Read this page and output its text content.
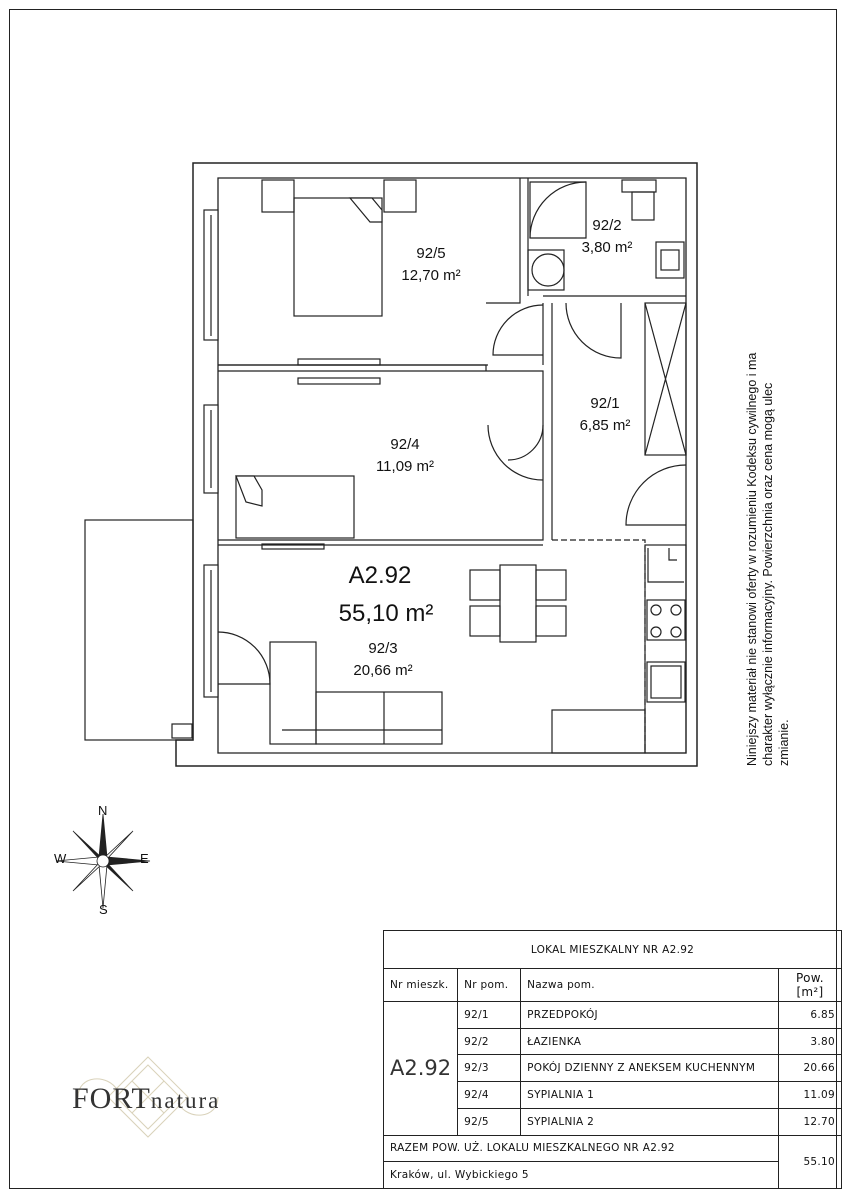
92/5
12,70 m²
92/2
3,80 m²
92/1
6,85 m²
92/4
11,09 m²
A2.92
55,10 m²
92/3
20,66 m²
N
S
W	E
Niniejszy materiał nie stanowi oferty w rozumieniu Kodeksu cywilnego i ma charakter wyłącznie informacyjny. Powierzchnia oraz cena mogą ulec zmianie.
LOKAL MIESZKALNY NR A2.92			
Nr mieszk.	Nr pom.	Nazwa pom.	Pow. [m²]
A2.92	92/1	PRZEDPOKÓJ	6.85
	92/2	ŁAZIENKA	3.80
	92/3	POKÓJ DZIENNY Z ANEKSEM KUCHENNYM	20.66
	92/4	SYPIALNIA 1	11.09
	92/5	SYPIALNIA 2	12.70
RAZEM POW. UŻ. LOKALU MIESZKALNEGO NR A2.92			55.10
Kraków, ul. Wybickiego 5			
FORTnatura
